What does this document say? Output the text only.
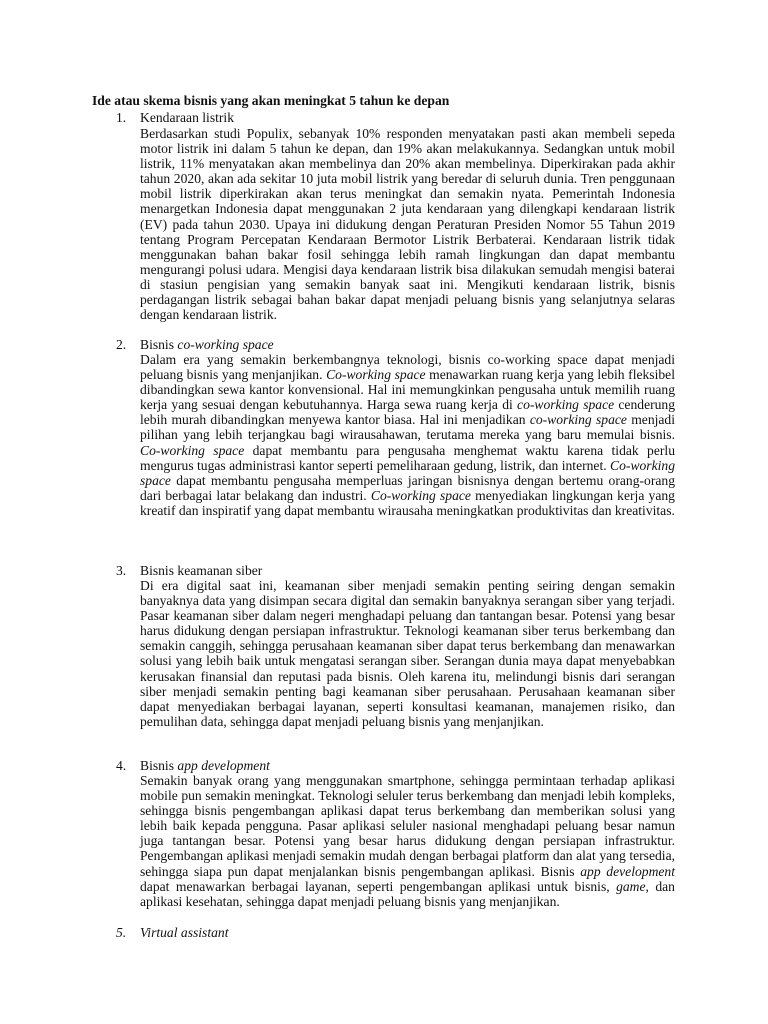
Ide atau skema bisnis yang akan meningkat 5 tahun ke depan
1. Kendaraan listrik

Berdasarkan studi Populix, sebanyak 10% responden menyatakan pasti akan membeli sepeda motor listrik ini dalam 5 tahun ke depan, dan 19% akan melakukannya. Sedangkan untuk mobil listrik, 11% menyatakan akan membelinya dan 20% akan membelinya. Diperkirakan pada akhir tahun 2020, akan ada sekitar 10 juta mobil listrik yang beredar di seluruh dunia. Tren penggunaan mobil listrik diperkirakan akan terus meningkat dan semakin nyata. Pemerintah Indonesia menargetkan Indonesia dapat menggunakan 2 juta kendaraan yang dilengkapi kendaraan listrik (EV) pada tahun 2030. Upaya ini didukung dengan Peraturan Presiden Nomor 55 Tahun 2019 tentang Program Percepatan Kendaraan Bermotor Listrik Berbaterai. Kendaraan listrik tidak menggunakan bahan bakar fosil sehingga lebih ramah lingkungan dan dapat membantu mengurangi polusi udara. Mengisi daya kendaraan listrik bisa dilakukan semudah mengisi baterai di stasiun pengisian yang semakin banyak saat ini. Mengikuti kendaraan listrik, bisnis perdagangan listrik sebagai bahan bakar dapat menjadi peluang bisnis yang selanjutnya selaras dengan kendaraan listrik.

2. Bisnis co-working space

Dalam era yang semakin berkembangnya teknologi, bisnis co-working space dapat menjadi peluang bisnis yang menjanjikan. Co-working space menawarkan ruang kerja yang lebih fleksibel dibandingkan sewa kantor konvensional. Hal ini memungkinkan pengusaha untuk memilih ruang kerja yang sesuai dengan kebutuhannya. Harga sewa ruang kerja di co-working space cenderung lebih murah dibandingkan menyewa kantor biasa. Hal ini menjadikan co-working space menjadi pilihan yang lebih terjangkau bagi wirausahawan, terutama mereka yang baru memulai bisnis. Co-working space dapat membantu para pengusaha menghemat waktu karena tidak perlu mengurus tugas administrasi kantor seperti pemeliharaan gedung, listrik, dan internet. Co-working space dapat membantu pengusaha memperluas jaringan bisnisnya dengan bertemu orang-orang dari berbagai latar belakang dan industri. Co-working space menyediakan lingkungan kerja yang kreatif dan inspiratif yang dapat membantu wirausaha meningkatkan produktivitas dan kreativitas.

3. Bisnis keamanan siber

Di era digital saat ini, keamanan siber menjadi semakin penting seiring dengan semakin banyaknya data yang disimpan secara digital dan semakin banyaknya serangan siber yang terjadi. Pasar keamanan siber dalam negeri menghadapi peluang dan tantangan besar. Potensi yang besar harus didukung dengan persiapan infrastruktur. Teknologi keamanan siber terus berkembang dan semakin canggih, sehingga perusahaan keamanan siber dapat terus berkembang dan menawarkan solusi yang lebih baik untuk mengatasi serangan siber. Serangan dunia maya dapat menyebabkan kerusakan finansial dan reputasi pada bisnis. Oleh karena itu, melindungi bisnis dari serangan siber menjadi semakin penting bagi keamanan siber perusahaan. Perusahaan keamanan siber dapat menyediakan berbagai layanan, seperti konsultasi keamanan, manajemen risiko, dan pemulihan data, sehingga dapat menjadi peluang bisnis yang menjanjikan.

4. Bisnis app development

Semakin banyak orang yang menggunakan smartphone, sehingga permintaan terhadap aplikasi mobile pun semakin meningkat. Teknologi seluler terus berkembang dan menjadi lebih kompleks, sehingga bisnis pengembangan aplikasi dapat terus berkembang dan memberikan solusi yang lebih baik kepada pengguna. Pasar aplikasi seluler nasional menghadapi peluang besar namun juga tantangan besar. Potensi yang besar harus didukung dengan persiapan infrastruktur. Pengembangan aplikasi menjadi semakin mudah dengan berbagai platform dan alat yang tersedia, sehingga siapa pun dapat menjalankan bisnis pengembangan aplikasi. Bisnis app development dapat menawarkan berbagai layanan, seperti pengembangan aplikasi untuk bisnis, game, dan aplikasi kesehatan, sehingga dapat menjadi peluang bisnis yang menjanjikan.

5. Virtual assistant
